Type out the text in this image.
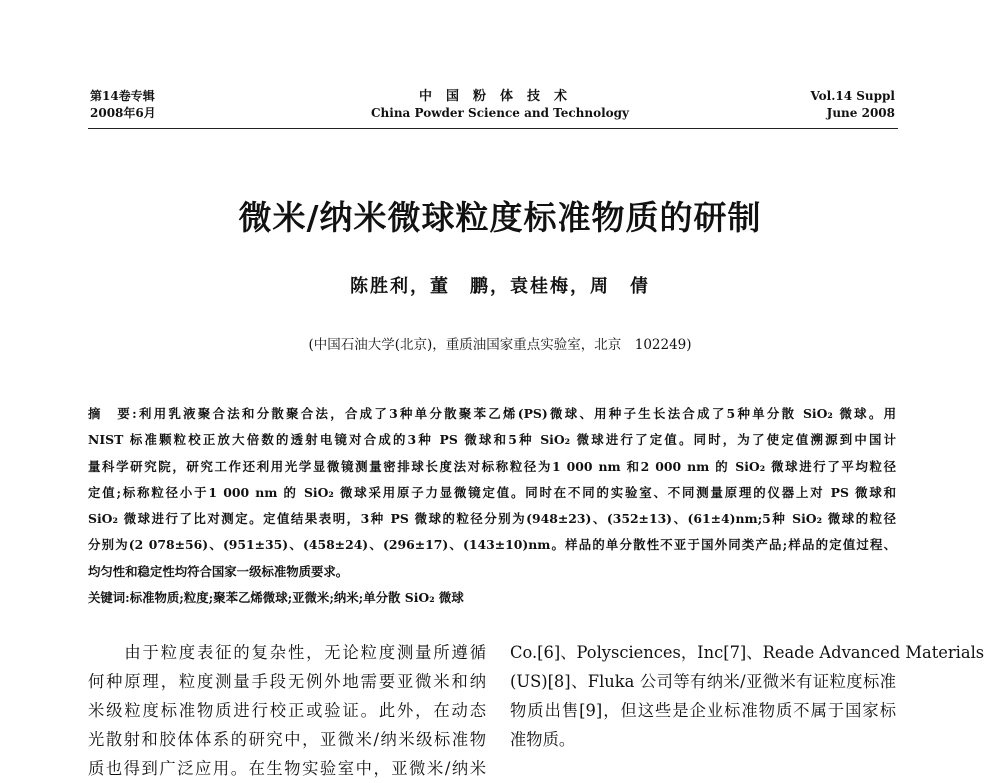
第14卷专辑
2008年6月
中国粉体技术
China Powder Science and Technology
Vol.14 Suppl
June 2008
微米/纳米微球粒度标准物质的研制
陈胜利，董　鹏，袁桂梅，周　倩
(中国石油大学(北京)，重质油国家重点实验室，北京　102249)
摘　要:利用乳液聚合法和分散聚合法，合成了3种单分散聚苯乙烯(PS)微球、用种子生长法合成了5种单分散 SiO₂ 微球。用
NIST 标准颗粒校正放大倍数的透射电镜对合成的3种 PS 微球和5种 SiO₂ 微球进行了定值。同时，为了使定值溯源到中国计
量科学研究院，研究工作还利用光学显微镜测量密排球长度法对标称粒径为1 000 nm 和2 000 nm 的 SiO₂ 微球进行了平均粒径
定值;标称粒径小于1 000 nm 的 SiO₂ 微球采用原子力显微镜定值。同时在不同的实验室、不同测量原理的仪器上对 PS 微球和
SiO₂ 微球进行了比对测定。定值结果表明，3种 PS 微球的粒径分别为(948±23)、(352±13)、(61±4)nm;5种 SiO₂ 微球的粒径
分别为(2 078±56)、(951±35)、(458±24)、(296±17)、(143±10)nm。样品的单分散性不亚于国外同类产品;样品的定值过程、
均匀性和稳定性均符合国家一级标准物质要求。
关键词:标准物质;粒度;聚苯乙烯微球;亚微米;纳米;单分散 SiO₂ 微球
　　由于粒度表征的复杂性，无论粒度测量所遵循
何种原理，粒度测量手段无例外地需要亚微米和纳
米级粒度标准物质进行校正或验证。此外，在动态
光散射和胶体体系的研究中，亚微米/纳米级标准物
质也得到广泛应用。在生物实验室中，亚微米/纳米
Co.[6]、Polysciences，Inc[7]、Reade Advanced Materials
(US)[8]、Fluka 公司等有纳米/亚微米有证粒度标准
物质出售[9]，但这些是企业标准物质不属于国家标
准物质。
